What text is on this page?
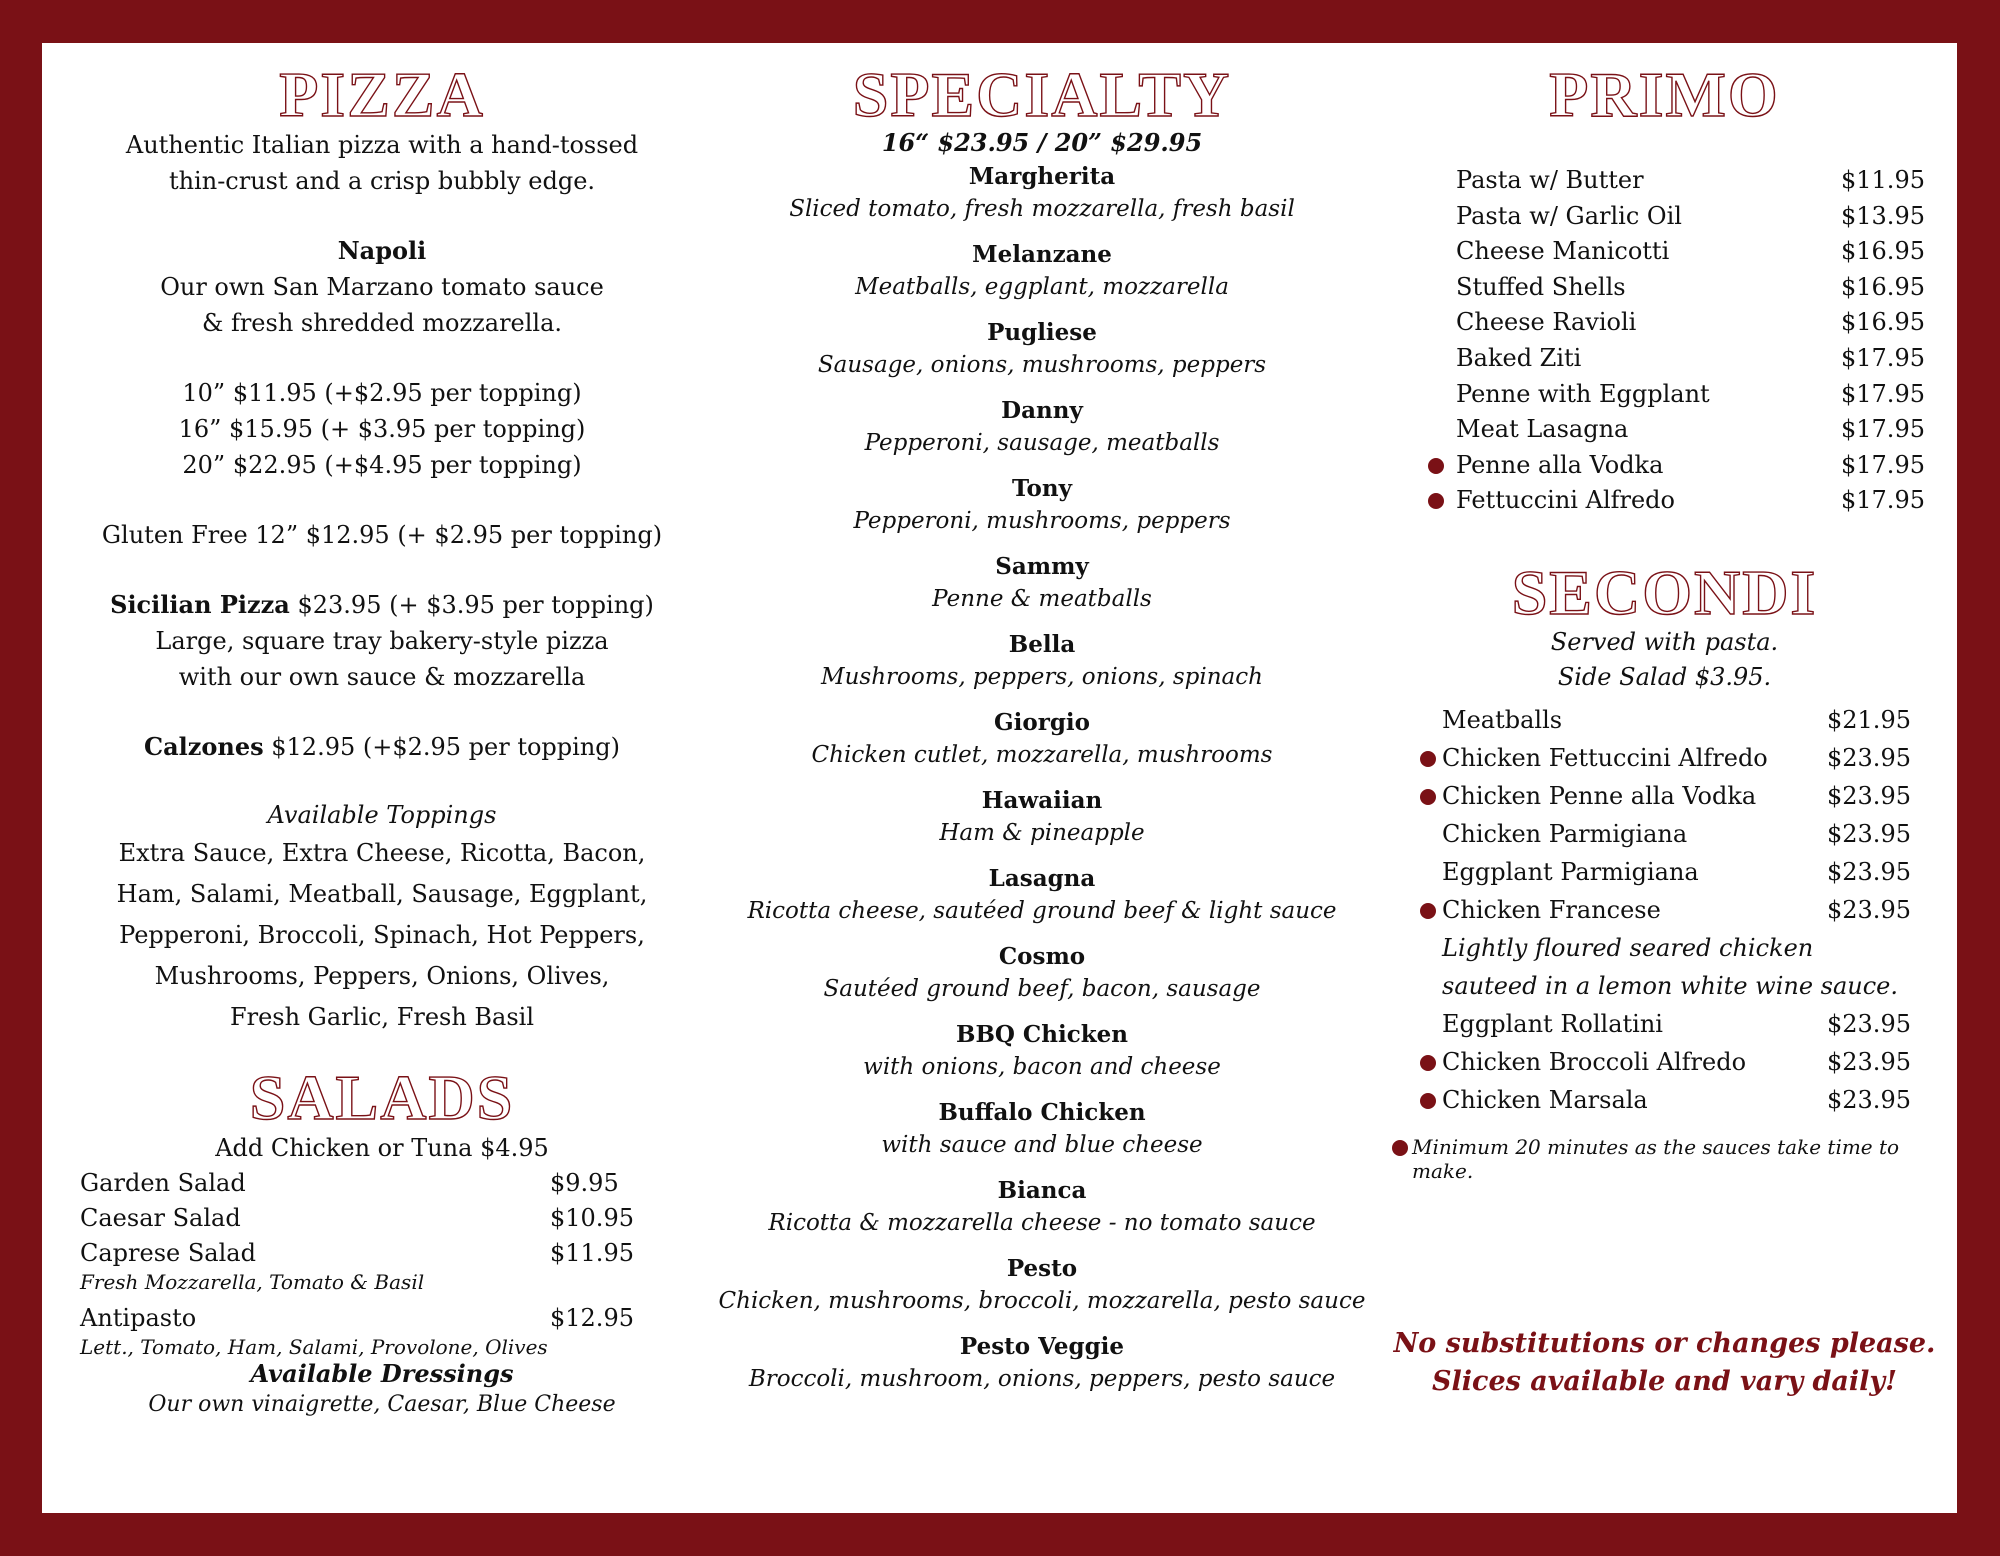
PIZZA
Authentic Italian pizza with a hand-tossed
thin-crust and a crisp bubbly edge.
Napoli
Our own San Marzano tomato sauce
& fresh shredded mozzarella.
10” $11.95 (+$2.95 per topping)
16” $15.95 (+ $3.95 per topping)
20” $22.95 (+$4.95 per topping)
Gluten Free 12” $12.95 (+ $2.95 per topping)
Sicilian Pizza $23.95 (+ $3.95 per topping)
Large, square tray bakery-style pizza
with our own sauce & mozzarella
Calzones $12.95 (+$2.95 per topping)
Available Toppings
Extra Sauce, Extra Cheese, Ricotta, Bacon,
Ham, Salami, Meatball, Sausage, Eggplant,
Pepperoni, Broccoli, Spinach, Hot Peppers,
Mushrooms, Peppers, Onions, Olives,
Fresh Garlic, Fresh Basil
SALADS
Add Chicken or Tuna $4.95
Garden Salad	$9.95
Caesar Salad	$10.95
Caprese Salad	$11.95
Fresh Mozzarella, Tomato & Basil
Antipasto	$12.95
Lett., Tomato, Ham, Salami, Provolone, Olives
Available Dressings
Our own vinaigrette, Caesar, Blue Cheese
SPECIALTY
16“ $23.95 / 20” $29.95
Margherita
Sliced tomato, fresh mozzarella, fresh basil
Melanzane
Meatballs, eggplant, mozzarella
Pugliese
Sausage, onions, mushrooms, peppers
Danny
Pepperoni, sausage, meatballs
Tony
Pepperoni, mushrooms, peppers
Sammy
Penne & meatballs
Bella
Mushrooms, peppers, onions, spinach
Giorgio
Chicken cutlet, mozzarella, mushrooms
Hawaiian
Ham & pineapple
Lasagna
Ricotta cheese, sautéed ground beef & light sauce
Cosmo
Sautéed ground beef, bacon, sausage
BBQ Chicken
with onions, bacon and cheese
Buffalo Chicken
with sauce and blue cheese
Bianca
Ricotta & mozzarella cheese - no tomato sauce
Pesto
Chicken, mushrooms, broccoli, mozzarella, pesto sauce
Pesto Veggie
Broccoli, mushroom, onions, peppers, pesto sauce
PRIMO
Pasta w/ Butter	$11.95
Pasta w/ Garlic Oil	$13.95
Cheese Manicotti	$16.95
Stuffed Shells	$16.95
Cheese Ravioli	$16.95
Baked Ziti	$17.95
Penne with Eggplant	$17.95
Meat Lasagna	$17.95
Penne alla Vodka	$17.95
Fettuccini Alfredo	$17.95
SECONDI
Served with pasta.
Side Salad $3.95.
Meatballs	$21.95
Chicken Fettuccini Alfredo	$23.95
Chicken Penne alla Vodka	$23.95
Chicken Parmigiana	$23.95
Eggplant Parmigiana	$23.95
Chicken Francese	$23.95
Lightly floured seared chicken
sauteed in a lemon white wine sauce.
Eggplant Rollatini	$23.95
Chicken Broccoli Alfredo	$23.95
Chicken Marsala	$23.95
Minimum 20 minutes as the sauces take time to make.
No substitutions or changes please.
Slices available and vary daily!
